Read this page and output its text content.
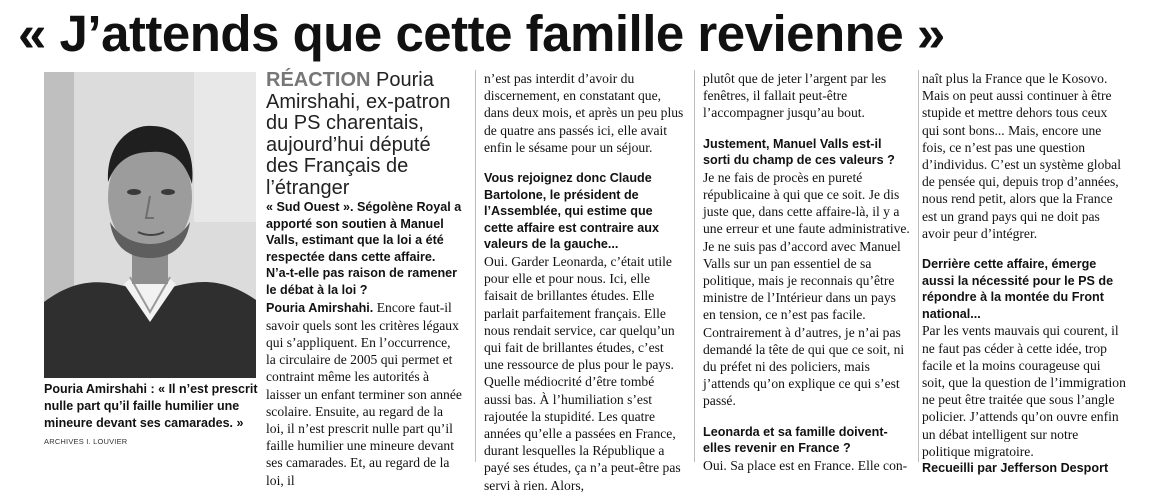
« J’attends que cette famille revienne »
Pouria Amirshahi : « Il n’est prescrit nulle part qu’il faille humilier une mineure devant ses camarades. » ARCHIVES I. LOUVIER

RÉACTION Pouria Amirshahi, ex-patron du PS charentais, aujourd’hui député des Français de l’étranger

« Sud Ouest ». Ségolène Royal a apporté son soutien à Manuel Valls, estimant que la loi a été respectée dans cette affaire. N’a-t-elle pas raison de ramener le débat à la loi ?

Pouria Amirshahi. Encore faut-il savoir quels sont les critères légaux qui s’appliquent. En l’occurrence, la circulaire de 2005 qui permet et contraint même les autorités à laisser un enfant terminer son année scolaire. Ensuite, au regard de la loi, il n’est prescrit nulle part qu’il faille humilier une mineure devant ses camarades. Et, au regard de la loi, il

n’est pas interdit d’avoir du discernement, en constatant que, dans deux mois, et après un peu plus de quatre ans passés ici, elle avait enfin le sésame pour un séjour.

Vous rejoignez donc Claude Bartolone, le président de l’Assemblée, qui estime que cette affaire est contraire aux valeurs de la gauche...

Oui. Garder Leonarda, c’était utile pour elle et pour nous. Ici, elle faisait de brillantes études. Elle parlait parfaitement français. Elle nous rendait service, car quelqu’un qui fait de brillantes études, c’est une ressource de plus pour le pays. Quelle médiocrité d’être tombé aussi bas. À l’humiliation s’est rajoutée la stupidité. Les quatre années qu’elle a passées en France, durant lesquelles la République a payé ses études, ça n’a peut-être pas servi à rien. Alors,

plutôt que de jeter l’argent par les fenêtres, il fallait peut-être l’accompagner jusqu’au bout.

Justement, Manuel Valls est-il sorti du champ de ces valeurs ?

Je ne fais de procès en pureté républicaine à qui que ce soit. Je dis juste que, dans cette affaire-là, il y a une erreur et une faute administrative. Je ne suis pas d’accord avec Manuel Valls sur un pan essentiel de sa politique, mais je reconnais qu’être ministre de l’Intérieur dans un pays en tension, ce n’est pas facile. Contrairement à d’autres, je n’ai pas demandé la tête de qui que ce soit, ni du préfet ni des policiers, mais j’attends qu’on explique ce qui s’est passé.

Leonarda et sa famille doivent-elles revenir en France ?

Oui. Sa place est en France. Elle con-

naît plus la France que le Kosovo. Mais on peut aussi continuer à être stupide et mettre dehors tous ceux qui sont bons... Mais, encore une fois, ce n’est pas une question d’individus. C’est un système global de pensée qui, depuis trop d’années, nous rend petit, alors que la France est un grand pays qui ne doit pas avoir peur d’intégrer.

Derrière cette affaire, émerge aussi la nécessité pour le PS de répondre à la montée du Front national...

Par les vents mauvais qui courent, il ne faut pas céder à cette idée, trop facile et la moins courageuse qui soit, que la question de l’immigration ne peut être traitée que sous l’angle policier. J’attends qu’on ouvre enfin un débat intelligent sur notre politique migratoire.

Recueilli par Jefferson Desport
